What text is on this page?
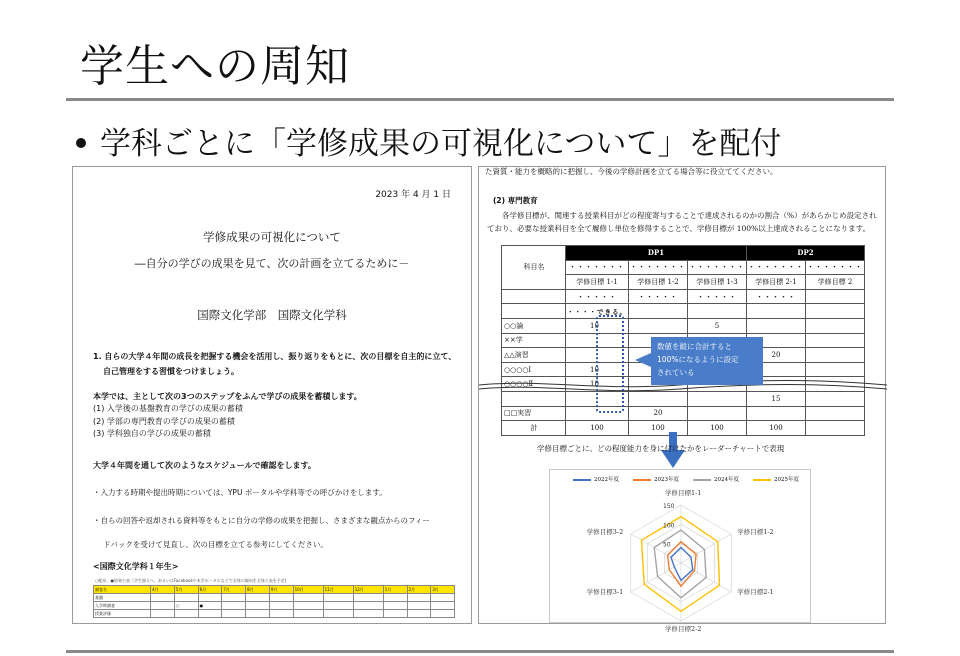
学生への周知
学科ごとに「学修成果の可視化について」を配付
2023 年 4 月 1 日
学修成果の可視化について
―自分の学びの成果を見て、次の計画を立てるために－
国際文化学部　国際文化学科
1. 自らの大学４年間の成長を把握する機会を活用し、振り返りをもとに、次の目標を自主的に立て、
自己管理をする習慣をつけましょう。
本学では、主として次の3つのステップをふんで学びの成果を蓄積します。
(1) 入学後の基盤教育の学びの成果の蓄積
(2) 学部の専門教育の学びの成果の蓄積
(3) 学科独自の学びの成果の蓄積
大学４年間を通して次のようなスケジュールで確認をします。
・入力する時期や提出時期については、YPU ポータルや学科等での呼びかけをします。
・自らの回答や返却される資料等をもとに自分の学修の成果を把握し、さまざまな観点からのフィー
ドバックを受けて見直し、次の目標を立てる参考にしてください。
<国際文化学科１年生>
○配布、●結果公表（学生個人へ、あるいはFacebookや本学ポータルなどで全体の傾向を全体公表を予定)
調査名	4月	5月	6月	7月	8月	9月	10月	11月	12月	1月	2月	3月
基盤												
入学時調査		○	●									
授業評価												
た資質・能力を概略的に把握し、今後の学修計画を立てる場合等に役立ててください。
(2) 専門教育
各学修目標が、関連する授業科目がどの程度寄与することで達成されるのかの割合（%）があらかじめ設定されており、必要な授業科目を全て履修し単位を修得することで、学修目標が 100%以上達成されることになります。
科目名	DP1			DP2	
	・・・・・・・	・・・・・・・	・・・・・・・	・・・・・・・	・・・・・・・
	学修目標 1-1	学修目標 1-2	学修目標 1-3	学修目標 2-1	学修目標 2
	・・・・・	・・・・・	・・・・・	・・・・・	
	・・・・できる。				
○○論	10		5		
××学					
△△演習				20	
○○○○Ⅰ	10				
○○○○Ⅱ	10				
				15	
□□実習		20			
計	100	100	100	100	
数値を縦に合計すると
100%になるように設定
されている
学修目標ごとに、どの程度能力を身に付けたかをレーダーチャートで表現
2022年度	2023年度	2024年度	2025年度
150
100
50
学修目標1-1
学修目標1-2
学修目標2-1
学修目標2-2
学修目標3-1
学修目標3-2
